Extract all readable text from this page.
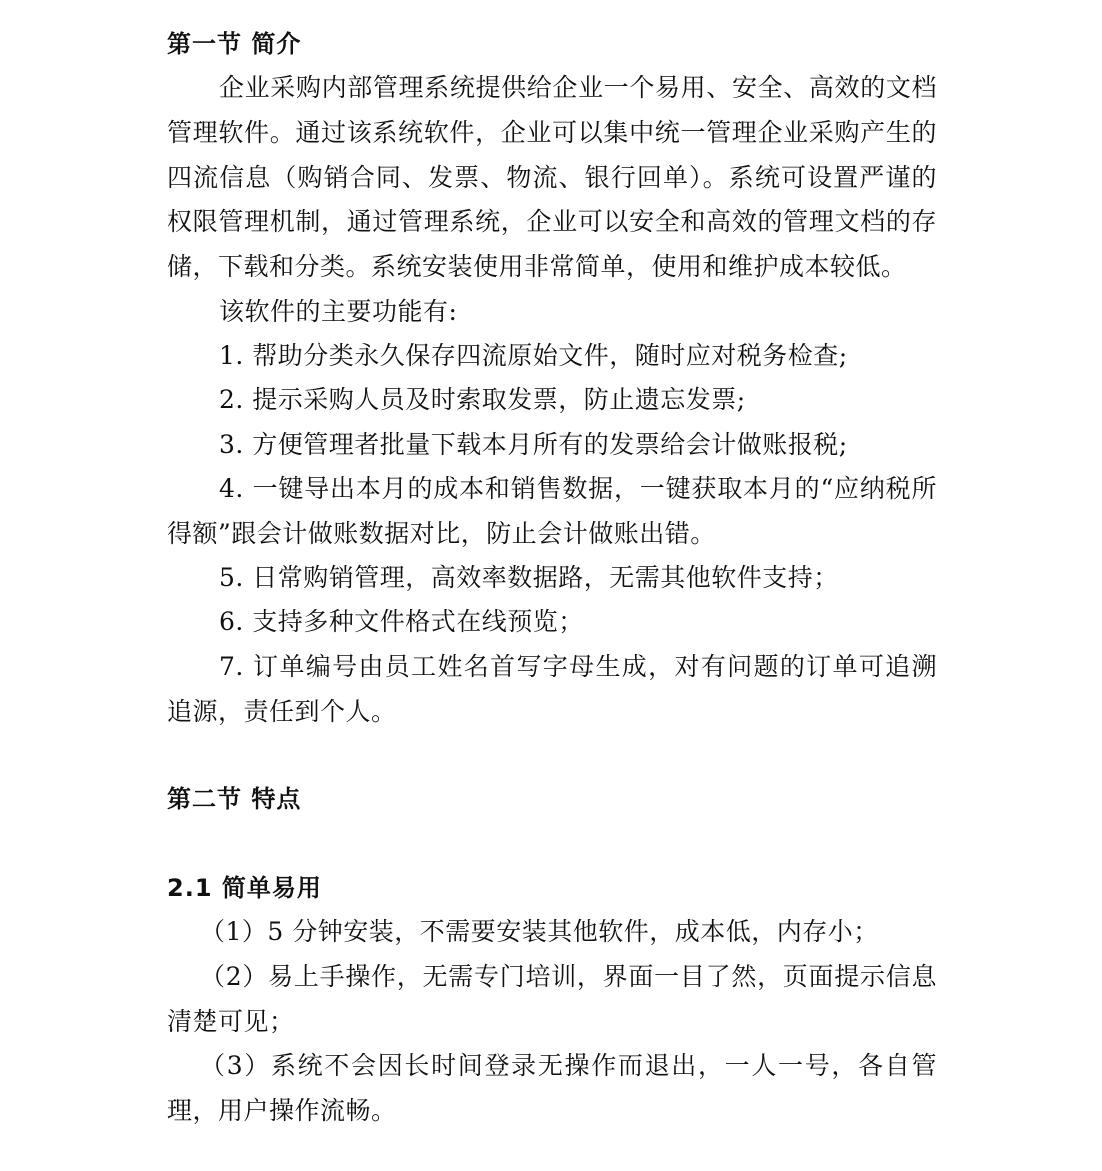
第一节 简介
企业采购内部管理系统提供给企业一个易用、安全、高效的文档管理软件。通过该系统软件，企业可以集中统一管理企业采购产生的四流信息（购销合同、发票、物流、银行回单）。系统可设置严谨的权限管理机制，通过管理系统，企业可以安全和高效的管理文档的存储，下载和分类。系统安装使用非常简单，使用和维护成本较低。
该软件的主要功能有:
1. 帮助分类永久保存四流原始文件，随时应对税务检查;
2. 提示采购人员及时索取发票，防止遗忘发票;
3. 方便管理者批量下载本月所有的发票给会计做账报税;
4. 一键导出本月的成本和销售数据，一键获取本月的“应纳税所得额”跟会计做账数据对比，防止会计做账出错。
5. 日常购销管理，高效率数据路，无需其他软件支持；
6. 支持多种文件格式在线预览；
7. 订单编号由员工姓名首写字母生成，对有问题的订单可追溯追源，责任到个人。
第二节 特点
2.1 简单易用
（1）5 分钟安装，不需要安装其他软件，成本低，内存小；
（2）易上手操作，无需专门培训，界面一目了然，页面提示信息清楚可见；
（3）系统不会因长时间登录无操作而退出，一人一号，各自管理，用户操作流畅。
